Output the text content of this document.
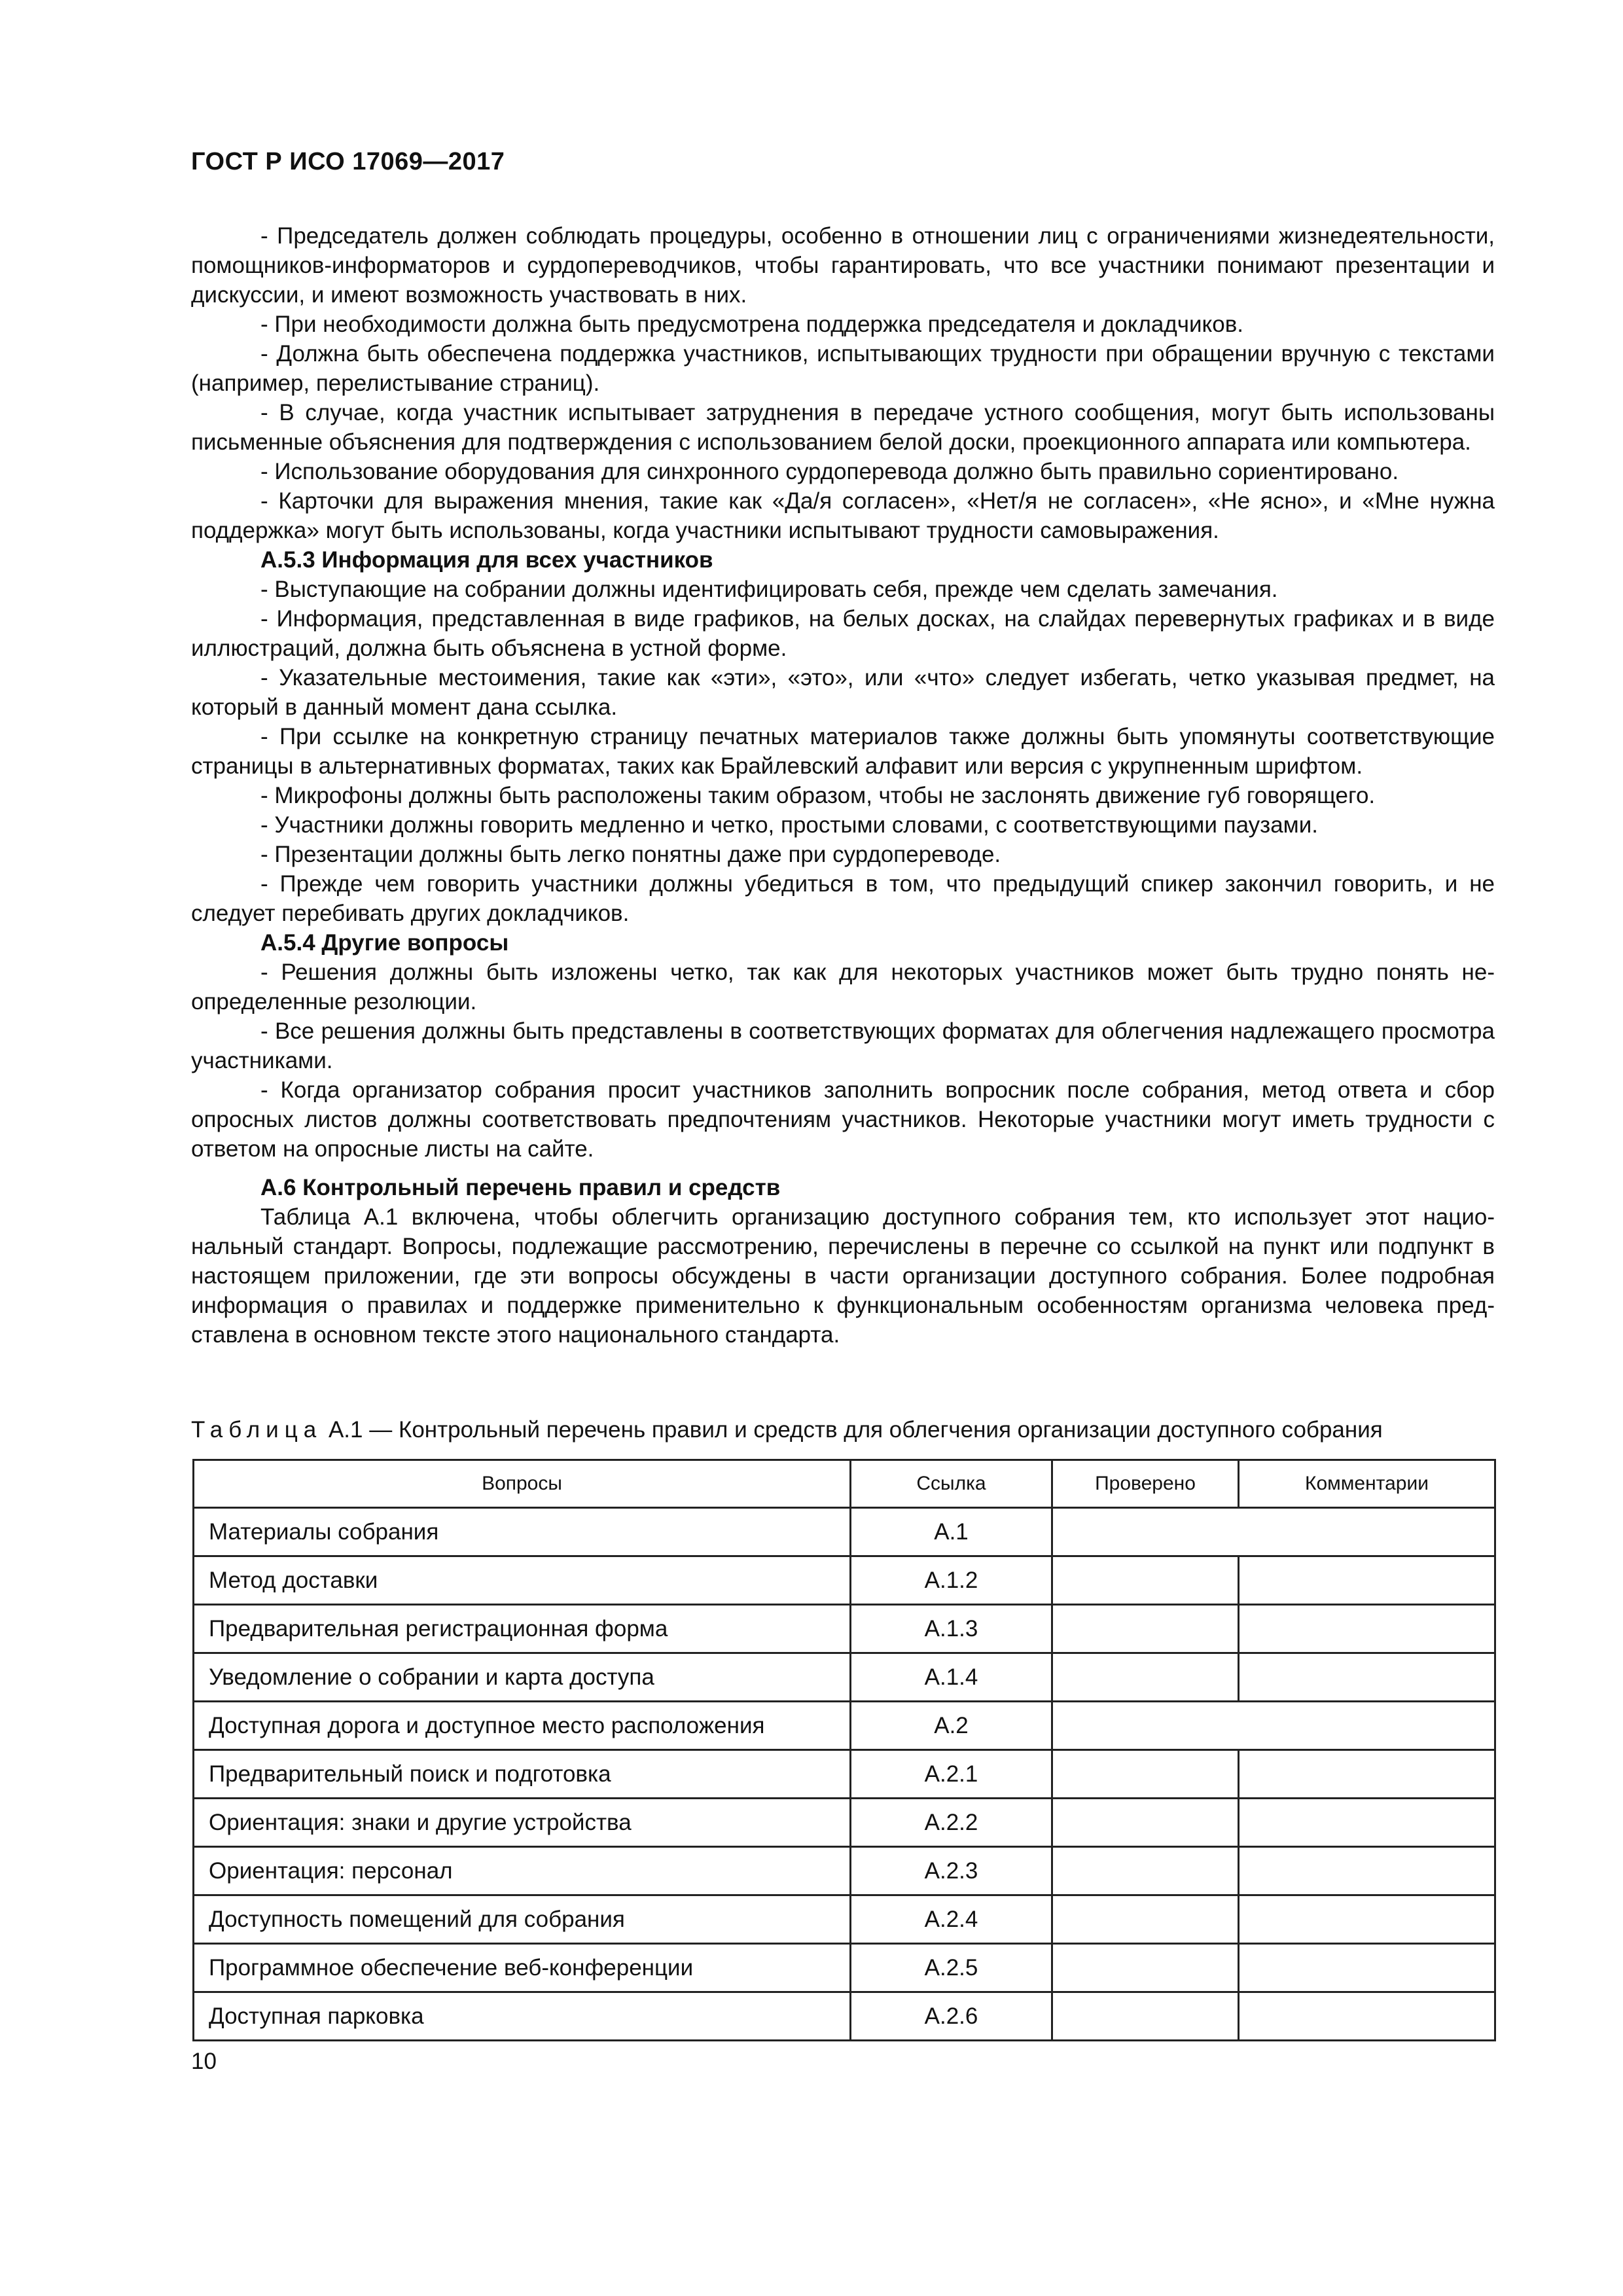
ГОСТ Р ИСО 17069—2017

- Председатель должен соблюдать процедуры, особенно в отношении лиц с ограничениями жизнедеятельности, помощников-информаторов и сурдопереводчиков, чтобы гарантировать, что все участники понимают презентации и дискуссии, и имеют возможность участвовать в них.

- При необходимости должна быть предусмотрена поддержка председателя и докладчиков.

- Должна быть обеспечена поддержка участников, испытывающих трудности при обращении вручную с текстами (например, перелистывание страниц).

- В случае, когда участник испытывает затруднения в передаче устного сообщения, могут быть использованы письменные объяснения для подтверждения с использованием белой доски, проекционного аппарата или компьютера.

- Использование оборудования для синхронного сурдоперевода должно быть правильно сориентировано.

- Карточки для выражения мнения, такие как «Да/я согласен», «Нет/я не согласен», «Не ясно», и «Мне нужна поддержка» могут быть использованы, когда участники испытывают трудности самовыражения.

А.5.3 Информация для всех участников

- Выступающие на собрании должны идентифицировать себя, прежде чем сделать замечания.

- Информация, представленная в виде графиков, на белых досках, на слайдах перевернутых графиках и в виде иллюстраций, должна быть объяснена в устной форме.

- Указательные местоимения, такие как «эти», «это», или «что» следует избегать, четко указывая предмет, на который в данный момент дана ссылка.

- При ссылке на конкретную страницу печатных материалов также должны быть упомянуты соответствующие страницы в альтернативных форматах, таких как Брайлевский алфавит или версия с укрупненным шрифтом.

- Микрофоны должны быть расположены таким образом, чтобы не заслонять движение губ говорящего.

- Участники должны говорить медленно и четко, простыми словами, с соответствующими паузами.

- Презентации должны быть легко понятны даже при сурдопереводе.

- Прежде чем говорить участники должны убедиться в том, что предыдущий спикер закончил говорить, и не следует перебивать других докладчиков.

А.5.4 Другие вопросы

- Решения должны быть изложены четко, так как для некоторых участников может быть трудно понять неопределенные резолюции.

- Все решения должны быть представлены в соответствующих форматах для облегчения надлежащего просмотра участниками.

- Когда организатор собрания просит участников заполнить вопросник после собрания, метод ответа и сбор опросных листов должны соответствовать предпочтениям участников. Некоторые участники могут иметь трудности с ответом на опросные листы на сайте.

А.6 Контрольный перечень правил и средств

Таблица А.1 включена, чтобы облегчить организацию доступного собрания тем, кто использует этот национальный стандарт. Вопросы, подлежащие рассмотрению, перечислены в перечне со ссылкой на пункт или подпункт в настоящем приложении, где эти вопросы обсуждены в части организации доступного собрания. Более подробная информация о правилах и поддержке применительно к функциональным особенностям организма человека представлена в основном тексте этого национального стандарта.

Таблица А.1 — Контрольный перечень правил и средств для облегчения организации доступного собрания
Вопросы	Ссылка	Проверено	Комментарии
Материалы собрания	А.1		
Метод доставки	А.1.2		
Предварительная регистрационная форма	А.1.3		
Уведомление о собрании и карта доступа	А.1.4		
Доступная дорога и доступное место расположения	А.2		
Предварительный поиск и подготовка	А.2.1		
Ориентация: знаки и другие устройства	А.2.2		
Ориентация: персонал	А.2.3		
Доступность помещений для собрания	А.2.4		
Программное обеспечение веб-конференции	А.2.5		
Доступная парковка	А.2.6		
10
